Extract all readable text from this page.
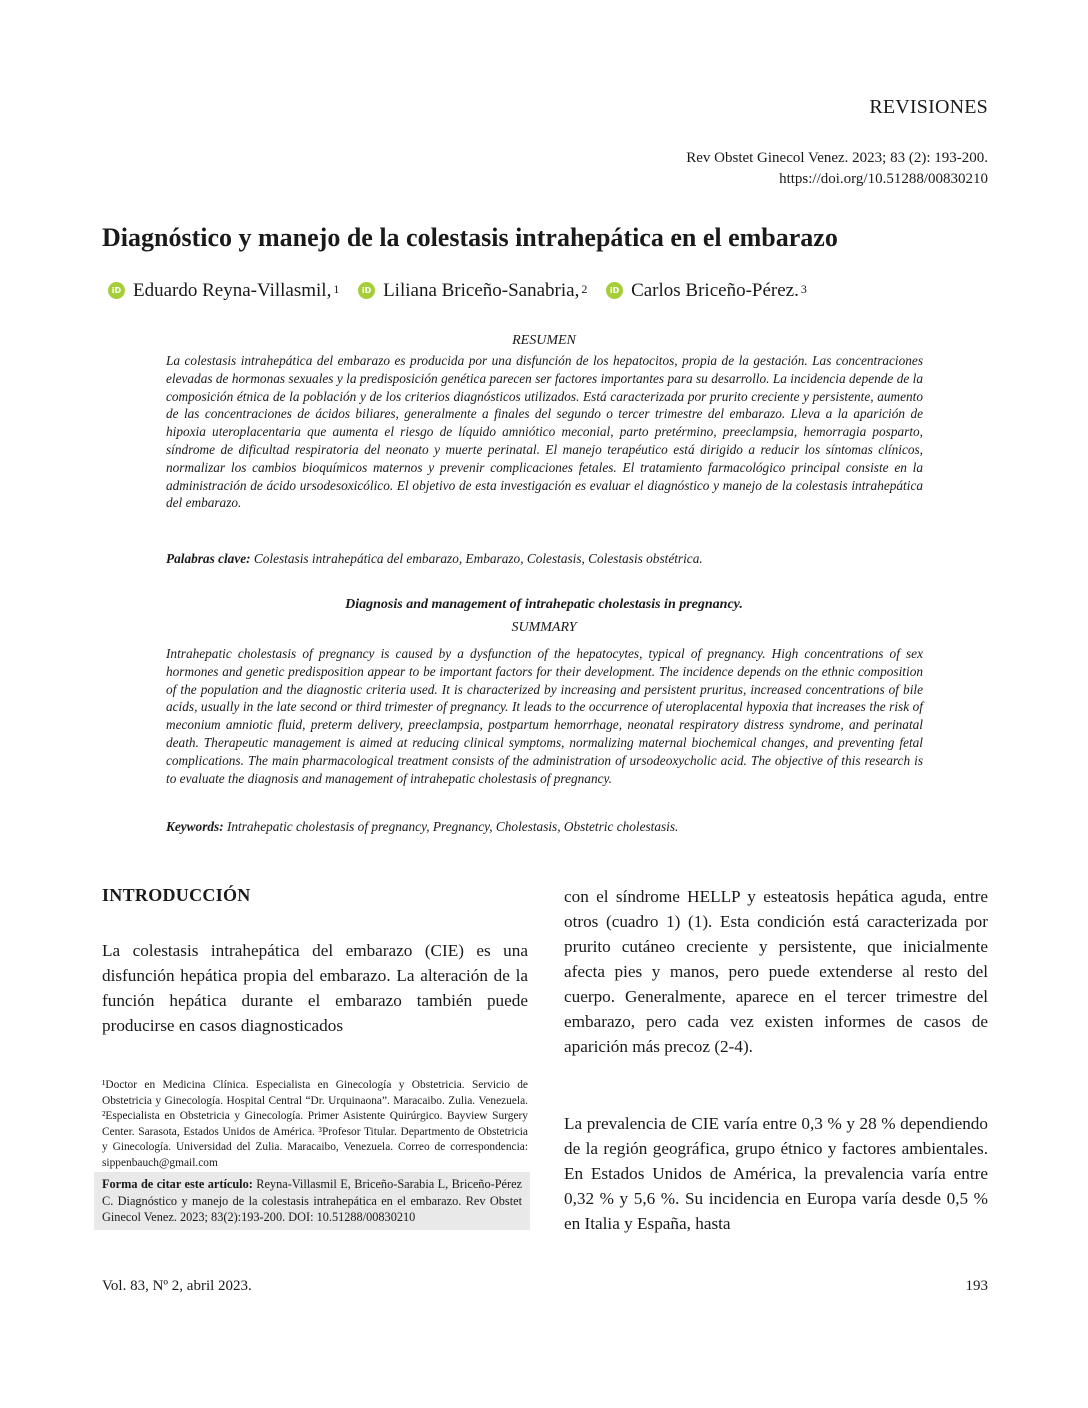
REVISIONES
Rev Obstet Ginecol Venez. 2023; 83 (2): 193-200.
https://doi.org/10.51288/00830210
Diagnóstico y manejo de la colestasis intrahepática en el embarazo
iD Eduardo Reyna-Villasmil,$^1$
	iD Liliana Briceño-Sanabria,$^2$
	iD Carlos Briceño-Pérez.$^3$
RESUMEN

La colestasis intrahepática del embarazo es producida por una disfunción de los hepatocitos, propia de la gestación. Las concentraciones elevadas de hormonas sexuales y la predisposición genética parecen ser factores importantes para su desarrollo. La incidencia depende de la composición étnica de la población y de los criterios diagnósticos utilizados. Está caracterizada por prurito creciente y persistente, aumento de las concentraciones de ácidos biliares, generalmente a finales del segundo o tercer trimestre del embarazo. Lleva a la aparición de hipoxia uteroplacentaria que aumenta el riesgo de líquido amniótico meconial, parto pretérmino, preeclampsia, hemorragia posparto, síndrome de dificultad respiratoria del neonato y muerte perinatal. El manejo terapéutico está dirigido a reducir los síntomas clínicos, normalizar los cambios bioquímicos maternos y prevenir complicaciones fetales. El tratamiento farmacológico principal consiste en la administración de ácido ursodesoxicólico. El objetivo de esta investigación es evaluar el diagnóstico y manejo de la colestasis intrahepática del embarazo.

Palabras clave: Colestasis intrahepática del embarazo, Embarazo, Colestasis, Colestasis obstétrica.

Diagnosis and management of intrahepatic cholestasis in pregnancy.
SUMMARY

Intrahepatic cholestasis of pregnancy is caused by a dysfunction of the hepatocytes, typical of pregnancy. High concentrations of sex hormones and genetic predisposition appear to be important factors for their development. The incidence depends on the ethnic composition of the population and the diagnostic criteria used. It is characterized by increasing and persistent pruritus, increased concentrations of bile acids, usually in the late second or third trimester of pregnancy. It leads to the occurrence of uteroplacental hypoxia that increases the risk of meconium amniotic fluid, preterm delivery, preeclampsia, postpartum hemorrhage, neonatal respiratory distress syndrome, and perinatal death. Therapeutic management is aimed at reducing clinical symptoms, normalizing maternal biochemical changes, and preventing fetal complications. The main pharmacological treatment consists of the administration of ursodeoxycholic acid. The objective of this research is to evaluate the diagnosis and management of intrahepatic cholestasis of pregnancy.

Keywords: Intrahepatic cholestasis of pregnancy, Pregnancy, Cholestasis, Obstetric cholestasis.

INTRODUCCIÓN

La colestasis intrahepática del embarazo (CIE) es una disfunción hepática propia del embarazo. La alteración de la función hepática durante el embarazo también puede producirse en casos diagnosticados

¹Doctor en Medicina Clínica. Especialista en Ginecología y Obstetricia. Servicio de Obstetricia y Ginecología. Hospital Central “Dr. Urquinaona”. Maracaibo. Zulia. Venezuela. ²Especialista en Obstetricia y Ginecología. Primer Asistente Quirúrgico. Bayview Surgery Center. Sarasota, Estados Unidos de América. ³Profesor Titular. Departmento de Obstetricia y Ginecología. Universidad del Zulia. Maracaibo, Venezuela. Correo de correspondencia: sippenbauch@gmail.com

Forma de citar este artículo: Reyna-Villasmil E, Briceño-Sarabia L, Briceño-Pérez C. Diagnóstico y manejo de la colestasis intrahepática en el embarazo. Rev Obstet Ginecol Venez. 2023; 83(2):193-200. DOI: 10.51288/00830210

con el síndrome HELLP y esteatosis hepática aguda, entre otros (cuadro 1) (1). Esta condición está caracterizada por prurito cutáneo creciente y persistente, que inicialmente afecta pies y manos, pero puede extenderse al resto del cuerpo. Generalmente, aparece en el tercer trimestre del embarazo, pero cada vez existen informes de casos de aparición más precoz (2-4).

La prevalencia de CIE varía entre 0,3 % y 28 % dependiendo de la región geográfica, grupo étnico y factores ambientales. En Estados Unidos de América, la prevalencia varía entre 0,32 % y 5,6 %. Su incidencia en Europa varía desde 0,5 % en Italia y España, hasta

Vol. 83, Nº 2, abril 2023.	193
